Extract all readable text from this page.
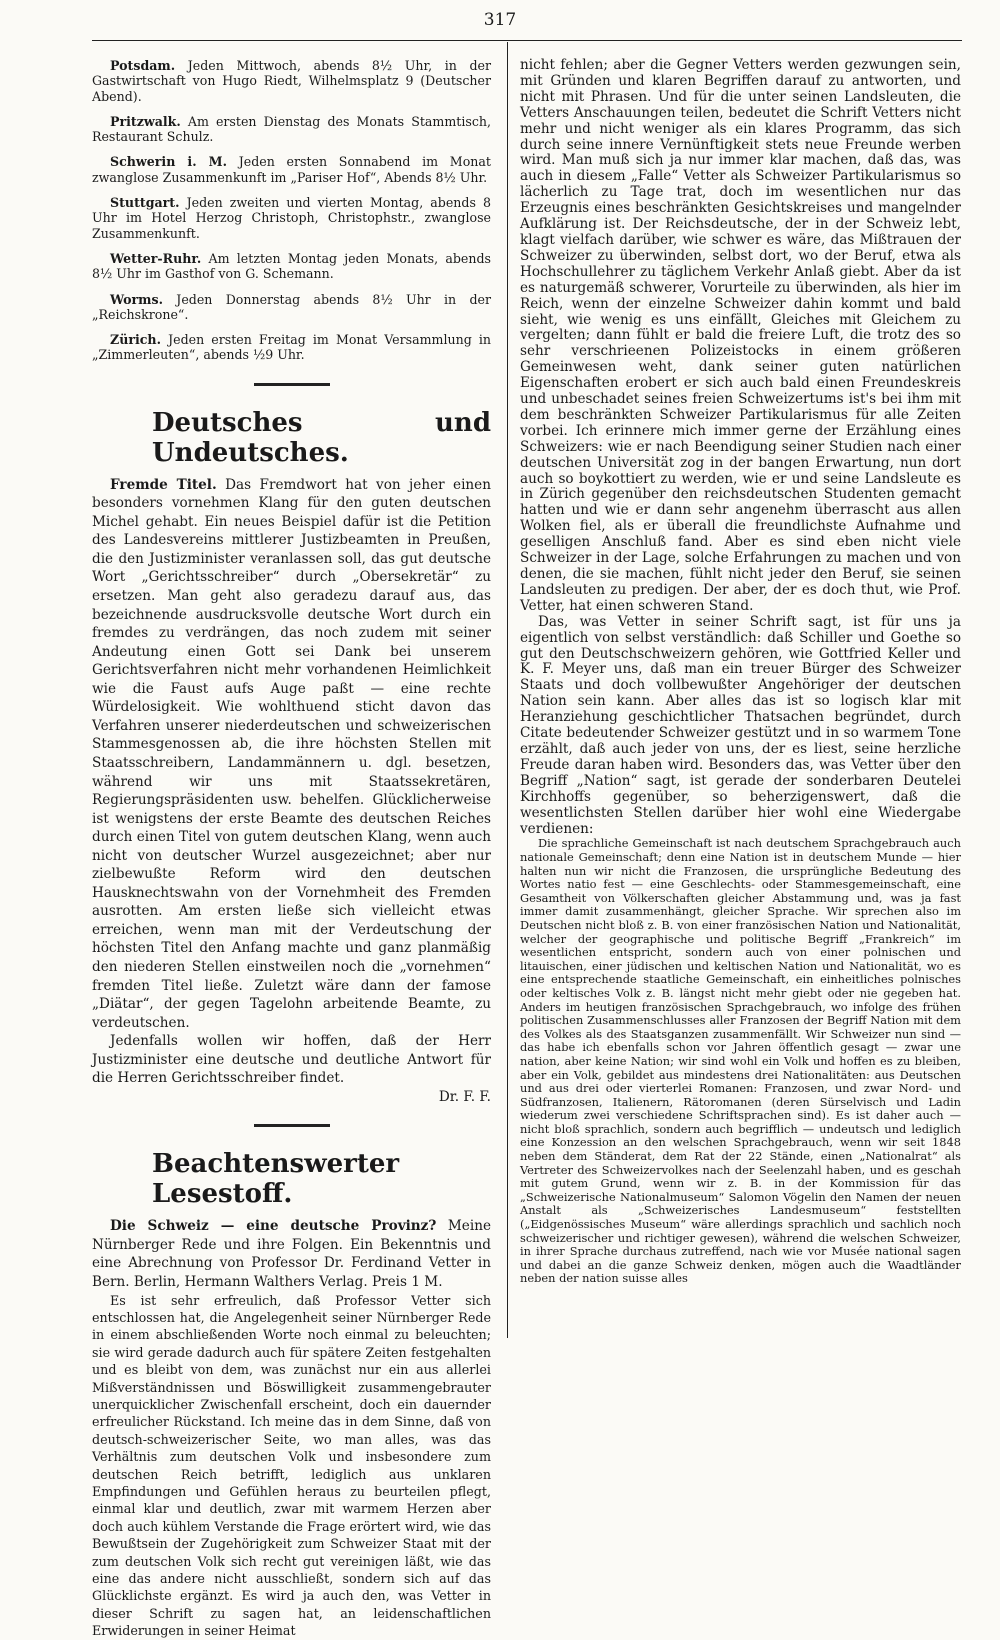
317

Potsdam. Jeden Mittwoch, abends 8½ Uhr, in der Gastwirtschaft von Hugo Riedt, Wilhelmsplatz 9 (Deutscher Abend).

Pritzwalk. Am ersten Dienstag des Monats Stammtisch, Restaurant Schulz.

Schwerin i. M. Jeden ersten Sonnabend im Monat zwanglose Zusammenkunft im „Pariser Hof“, Abends 8½ Uhr.

Stuttgart. Jeden zweiten und vierten Montag, abends 8 Uhr im Hotel Herzog Christoph, Christophstr., zwanglose Zusammenkunft.

Wetter-Ruhr. Am letzten Montag jeden Monats, abends 8½ Uhr im Gasthof von G. Schemann.

Worms. Jeden Donnerstag abends 8½ Uhr in der „Reichskrone“.

Zürich. Jeden ersten Freitag im Monat Versammlung in „Zimmerleuten“, abends ½9 Uhr.

Deutsches und Undeutsches.

Fremde Titel. Das Fremdwort hat von jeher einen besonders vornehmen Klang für den guten deutschen Michel gehabt. Ein neues Beispiel dafür ist die Petition des Landesvereins mittlerer Justizbeamten in Preußen, die den Justizminister veranlassen soll, das gut deutsche Wort „Gerichtsschreiber“ durch „Obersekretär“ zu ersetzen. Man geht also geradezu darauf aus, das bezeichnende ausdrucksvolle deutsche Wort durch ein fremdes zu verdrängen, das noch zudem mit seiner Andeutung einen Gott sei Dank bei unserem Gerichtsverfahren nicht mehr vorhandenen Heimlichkeit wie die Faust aufs Auge paßt — eine rechte Würdelosigkeit. Wie wohlthuend sticht davon das Verfahren unserer niederdeutschen und schweizerischen Stammesgenossen ab, die ihre höchsten Stellen mit Staatsschreibern, Landammännern u. dgl. besetzen, während wir uns mit Staatssekretären, Regierungspräsidenten usw. behelfen. Glücklicherweise ist wenigstens der erste Beamte des deutschen Reiches durch einen Titel von gutem deutschen Klang, wenn auch nicht von deutscher Wurzel ausgezeichnet; aber nur zielbewußte Reform wird den deutschen Hausknechtswahn von der Vornehmheit des Fremden ausrotten. Am ersten ließe sich vielleicht etwas erreichen, wenn man mit der Verdeutschung der höchsten Titel den Anfang machte und ganz planmäßig den niederen Stellen einstweilen noch die „vornehmen“ fremden Titel ließe. Zuletzt wäre dann der famose „Diätar“, der gegen Tagelohn arbeitende Beamte, zu verdeutschen.

Jedenfalls wollen wir hoffen, daß der Herr Justizminister eine deutsche und deutliche Antwort für die Herren Gerichtsschreiber findet.

Dr. F. F.

Beachtenswerter Lesestoff.

Die Schweiz — eine deutsche Provinz? Meine Nürnberger Rede und ihre Folgen. Ein Bekenntnis und eine Abrechnung von Professor Dr. Ferdinand Vetter in Bern. Berlin, Hermann Walthers Verlag. Preis 1 M.

Es ist sehr erfreulich, daß Professor Vetter sich entschlossen hat, die Angelegenheit seiner Nürnberger Rede in einem abschließenden Worte noch einmal zu beleuchten; sie wird gerade dadurch auch für spätere Zeiten festgehalten und es bleibt von dem, was zunächst nur ein aus allerlei Mißverständnissen und Böswilligkeit zusammengebrauter unerquicklicher Zwischenfall erscheint, doch ein dauernder erfreulicher Rückstand. Ich meine das in dem Sinne, daß von deutsch-schweizerischer Seite, wo man alles, was das Verhältnis zum deutschen Volk und insbesondere zum deutschen Reich betrifft, lediglich aus unklaren Empfindungen und Gefühlen heraus zu beurteilen pflegt, einmal klar und deutlich, zwar mit warmem Herzen aber doch auch kühlem Verstande die Frage erörtert wird, wie das Bewußtsein der Zugehörigkeit zum Schweizer Staat mit der zum deutschen Volk sich recht gut vereinigen läßt, wie das eine das andere nicht ausschließt, sondern sich auf das Glücklichste ergänzt. Es wird ja auch den, was Vetter in dieser Schrift zu sagen hat, an leidenschaftlichen Erwiderungen in seiner Heimat

nicht fehlen; aber die Gegner Vetters werden gezwungen sein, mit Gründen und klaren Begriffen darauf zu antworten, und nicht mit Phrasen. Und für die unter seinen Landsleuten, die Vetters Anschauungen teilen, bedeutet die Schrift Vetters nicht mehr und nicht weniger als ein klares Programm, das sich durch seine innere Vernünftigkeit stets neue Freunde werben wird. Man muß sich ja nur immer klar machen, daß das, was auch in diesem „Falle“ Vetter als Schweizer Partikularismus so lächerlich zu Tage trat, doch im wesentlichen nur das Erzeugnis eines beschränkten Gesichtskreises und mangelnder Aufklärung ist. Der Reichsdeutsche, der in der Schweiz lebt, klagt vielfach darüber, wie schwer es wäre, das Mißtrauen der Schweizer zu überwinden, selbst dort, wo der Beruf, etwa als Hochschullehrer zu täglichem Verkehr Anlaß giebt. Aber da ist es naturgemäß schwerer, Vorurteile zu überwinden, als hier im Reich, wenn der einzelne Schweizer dahin kommt und bald sieht, wie wenig es uns einfällt, Gleiches mit Gleichem zu vergelten; dann fühlt er bald die freiere Luft, die trotz des so sehr verschrieenen Polizeistocks in einem größeren Gemeinwesen weht, dank seiner guten natürlichen Eigenschaften erobert er sich auch bald einen Freundeskreis und unbeschadet seines freien Schweizertums ist's bei ihm mit dem beschränkten Schweizer Partikularismus für alle Zeiten vorbei. Ich erinnere mich immer gerne der Erzählung eines Schweizers: wie er nach Beendigung seiner Studien nach einer deutschen Universität zog in der bangen Erwartung, nun dort auch so boykottiert zu werden, wie er und seine Landsleute es in Zürich gegenüber den reichsdeutschen Studenten gemacht hatten und wie er dann sehr angenehm überrascht aus allen Wolken fiel, als er überall die freundlichste Aufnahme und geselligen Anschluß fand. Aber es sind eben nicht viele Schweizer in der Lage, solche Erfahrungen zu machen und von denen, die sie machen, fühlt nicht jeder den Beruf, sie seinen Landsleuten zu predigen. Der aber, der es doch thut, wie Prof. Vetter, hat einen schweren Stand.

Das, was Vetter in seiner Schrift sagt, ist für uns ja eigentlich von selbst verständlich: daß Schiller und Goethe so gut den Deutschschweizern gehören, wie Gottfried Keller und K. F. Meyer uns, daß man ein treuer Bürger des Schweizer Staats und doch vollbewußter Angehöriger der deutschen Nation sein kann. Aber alles das ist so logisch klar mit Heranziehung geschichtlicher Thatsachen begründet, durch Citate bedeutender Schweizer gestützt und in so warmem Tone erzählt, daß auch jeder von uns, der es liest, seine herzliche Freude daran haben wird. Besonders das, was Vetter über den Begriff „Nation“ sagt, ist gerade der sonderbaren Deutelei Kirchhoffs gegenüber, so beherzigenswert, daß die wesentlichsten Stellen darüber hier wohl eine Wiedergabe verdienen:

Die sprachliche Gemeinschaft ist nach deutschem Sprachgebrauch auch nationale Gemeinschaft; denn eine Nation ist in deutschem Munde — hier halten nun wir nicht die Franzosen, die ursprüngliche Bedeutung des Wortes natio fest — eine Geschlechts- oder Stammesgemeinschaft, eine Gesamtheit von Völkerschaften gleicher Abstammung und, was ja fast immer damit zusammenhängt, gleicher Sprache. Wir sprechen also im Deutschen nicht bloß z. B. von einer französischen Nation und Nationalität, welcher der geographische und politische Begriff „Frankreich“ im wesentlichen entspricht, sondern auch von einer polnischen und litauischen, einer jüdischen und keltischen Nation und Nationalität, wo es eine entsprechende staatliche Gemeinschaft, ein einheitliches polnisches oder keltisches Volk z. B. längst nicht mehr giebt oder nie gegeben hat. Anders im heutigen französischen Sprachgebrauch, wo infolge des frühen politischen Zusammenschlusses aller Franzosen der Begriff Nation mit dem des Volkes als des Staatsganzen zusammenfällt. Wir Schweizer nun sind — das habe ich ebenfalls schon vor Jahren öffentlich gesagt — zwar une nation, aber keine Nation; wir sind wohl ein Volk und hoffen es zu bleiben, aber ein Volk, gebildet aus mindestens drei Nationalitäten: aus Deutschen und aus drei oder vierterlei Romanen: Franzosen, und zwar Nord- und Südfranzosen, Italienern, Rätoromanen (deren Sürselvisch und Ladin wiederum zwei verschiedene Schriftsprachen sind). Es ist daher auch — nicht bloß sprachlich, sondern auch begrifflich — undeutsch und lediglich eine Konzession an den welschen Sprachgebrauch, wenn wir seit 1848 neben dem Ständerat, dem Rat der 22 Stände, einen „Nationalrat“ als Vertreter des Schweizervolkes nach der Seelenzahl haben, und es geschah mit gutem Grund, wenn wir z. B. in der Kommission für das „Schweizerische Nationalmuseum“ Salomon Vögelin den Namen der neuen Anstalt als „Schweizerisches Landesmuseum“ feststellten („Eidgenössisches Museum“ wäre allerdings sprachlich und sachlich noch schweizerischer und richtiger gewesen), während die welschen Schweizer, in ihrer Sprache durchaus zutreffend, nach wie vor Musée national sagen und dabei an die ganze Schweiz denken, mögen auch die Waadtländer neben der nation suisse alles
